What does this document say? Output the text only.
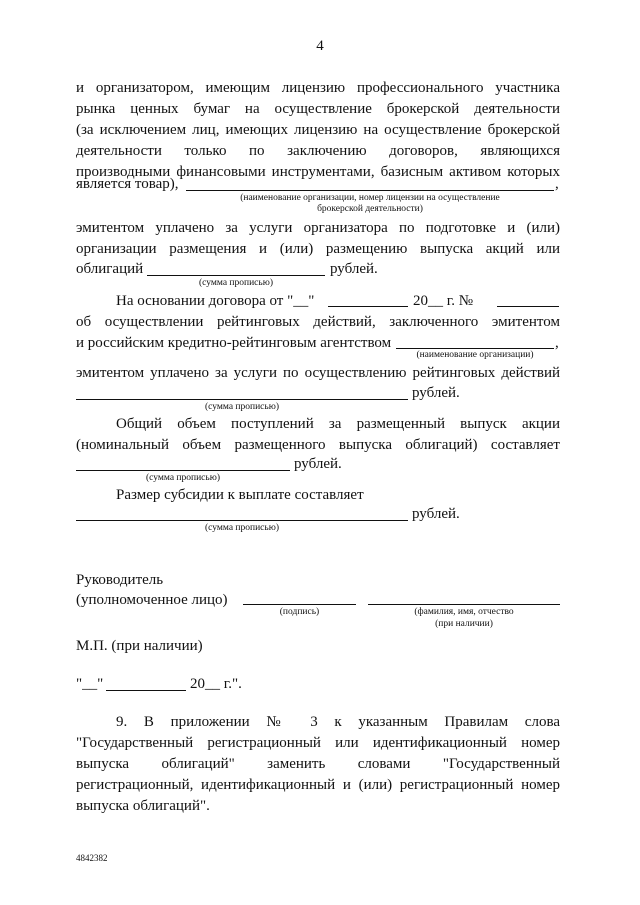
4
и организатором, имеющим лицензию профессионального участника
рынка ценных бумаг на осуществление брокерской деятельности
(за исключением лиц, имеющих лицензию на осуществление брокерской
деятельности только по заключению договоров, являющихся
производными финансовыми инструментами, базисным активом которых
является товар),	,
(наименование организации, номер лицензии на осуществление
брокерской деятельности)
эмитентом уплачено за услуги организатора по подготовке и (или)
организации размещения и (или) размещению выпуска акций или
облигаций	рублей.
(сумма прописью)
На основании договора от "__"	20__ г. №
об осуществлении рейтинговых действий, заключенного эмитентом
и российским кредитно-рейтинговым агентством	,
(наименование организации)
эмитентом уплачено за услуги по осуществлению рейтинговых действий
рублей.
(сумма прописью)
Общий объем поступлений за размещенный выпуск акции
(номинальный объем размещенного выпуска облигаций) составляет
рублей.
(сумма прописью)
Размер субсидии к выплате составляет
рублей.
(сумма прописью)
Руководитель
(уполномоченное лицо)
(подпись)	(фамилия, имя, отчество
(при наличии)
М.П. (при наличии)
"__"	20__ г.".
9. В приложении № 3 к указанным Правилам слова
"Государственный регистрационный или идентификационный номер
выпуска облигаций" заменить словами "Государственный
регистрационный, идентификационный и (или) регистрационный номер
выпуска облигаций".
4842382
